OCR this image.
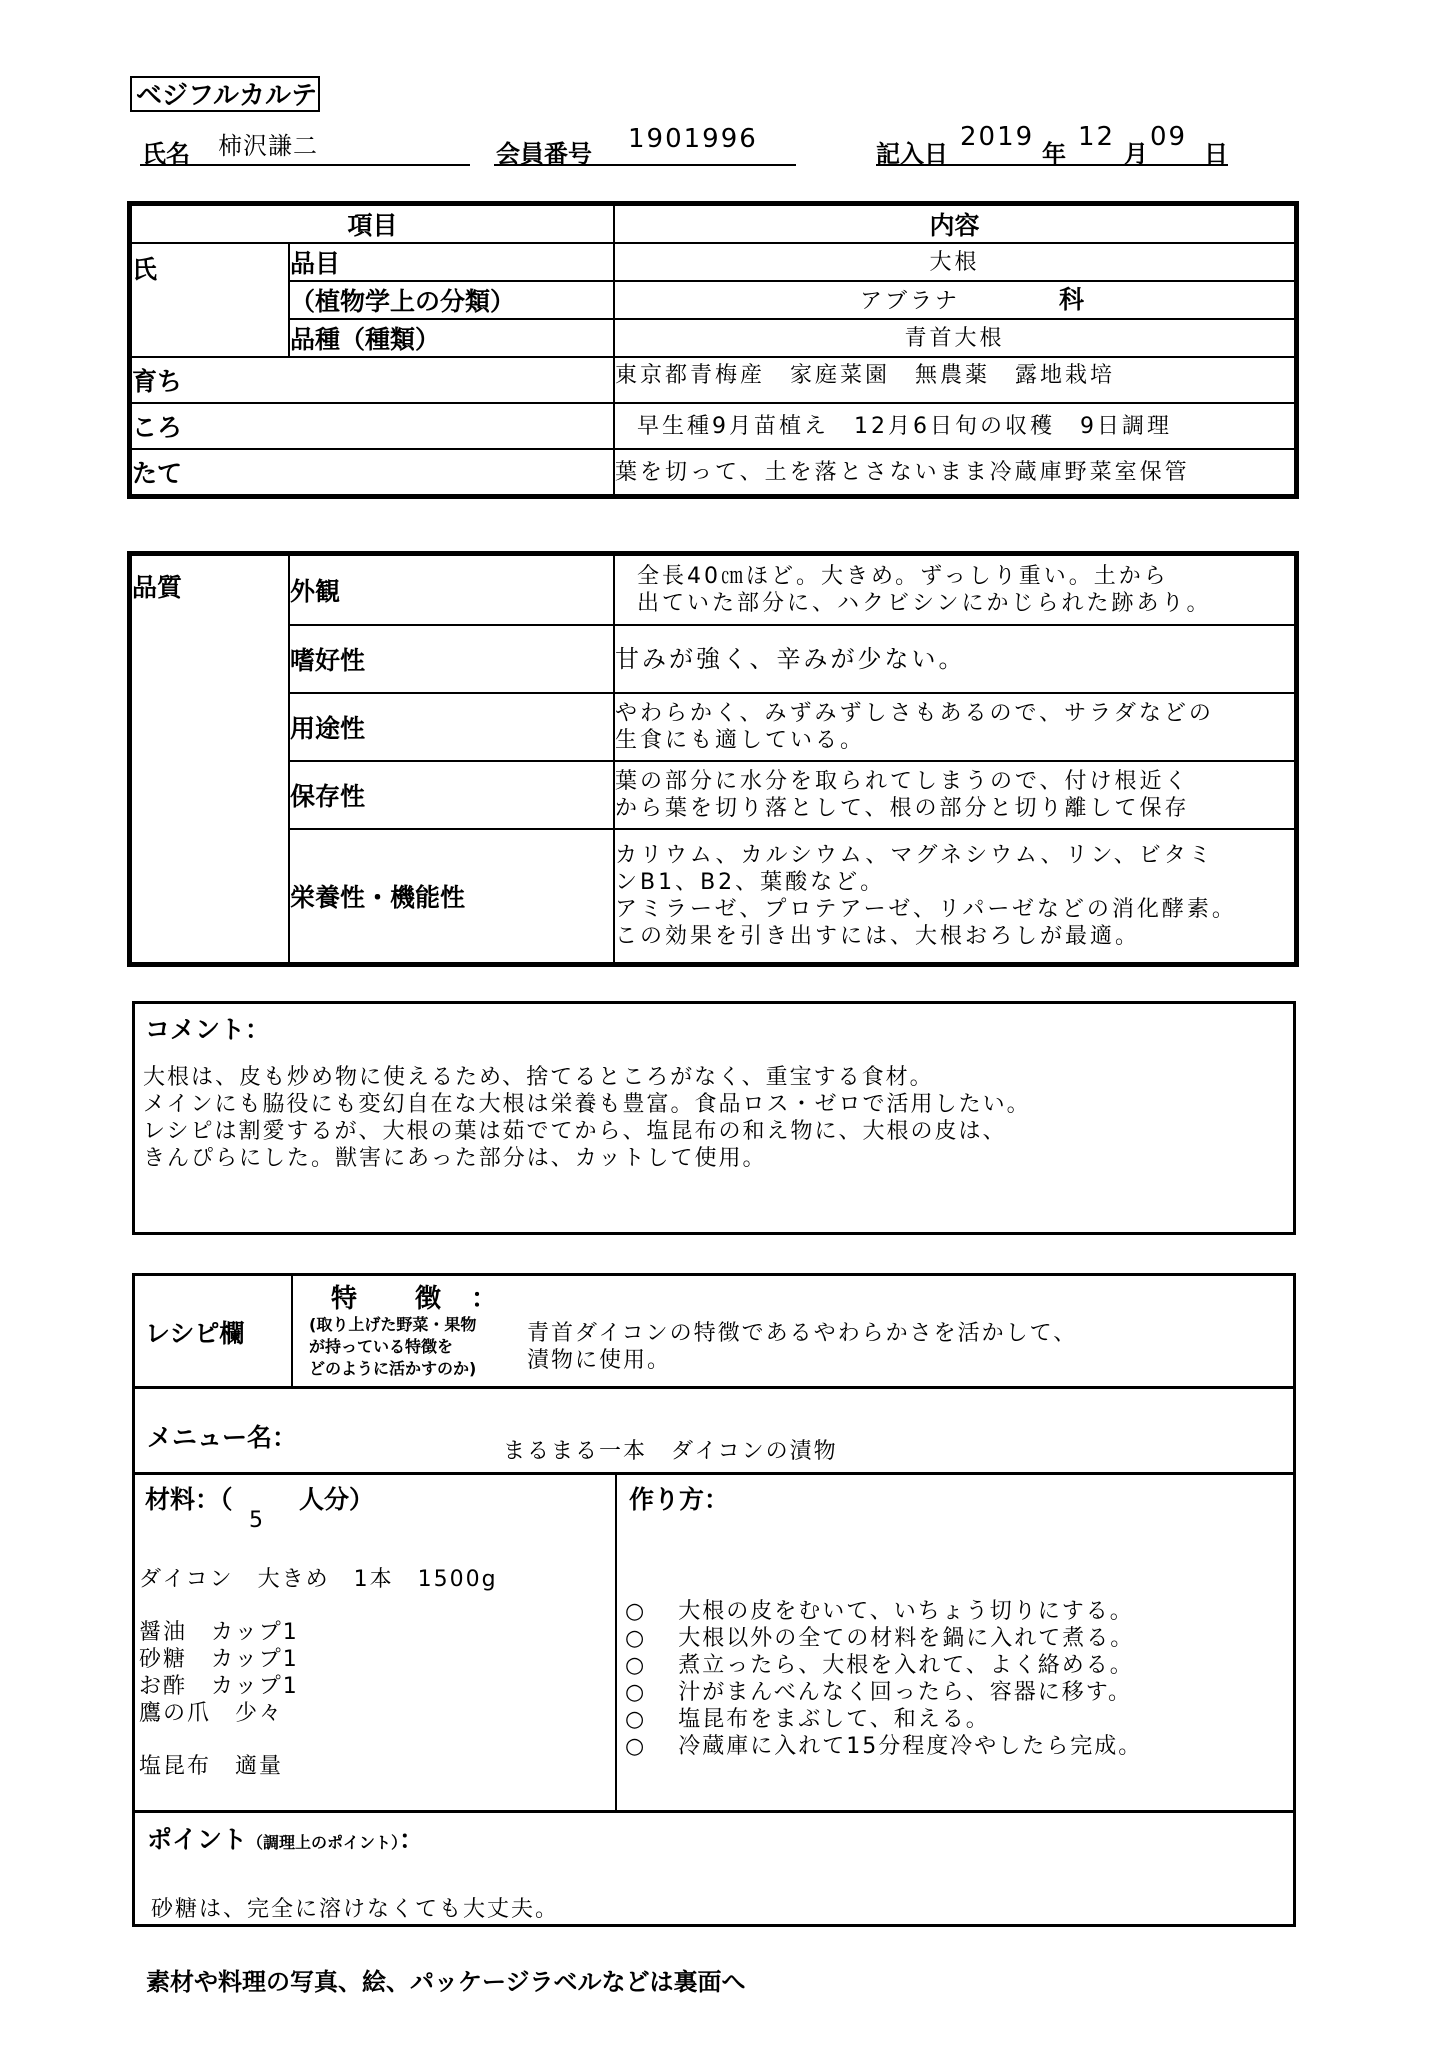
ベジフルカルテ
氏名 柿沢謙二	会員番号 1901996	記入日
2019
年
12
月
09
日
項目		内容
氏	品目	大根
	（植物学上の分類）	アブラナ 科

	品種（種類）	青首大根
育ち		東京都青梅産　家庭菜園　無農薬　露地栽培
ころ		早生種9月苗植え　12月6日旬の収穫　9日調理
たて		葉を切って、土を落とさないまま冷蔵庫野菜室保管
品質	外観	全長40㎝ほど。大きめ。ずっしり重い。土から
出ていた部分に、ハクビシンにかじられた跡あり。

	嗜好性	甘みが強く、辛みが少ない。

	用途性	やわらかく、みずみずしさもあるので、サラダなどの
生食にも適している。

	保存性	葉の部分に水分を取られてしまうので、付け根近く
から葉を切り落として、根の部分と切り離して保存

	栄養性・機能性	カリウム、カルシウム、マグネシウム、リン、ビタミ
ンB1、B2、葉酸など。
アミラーゼ、プロテアーゼ、リパーゼなどの消化酵素。
この効果を引き出すには、大根おろしが最適。
コメント：
大根は、皮も炒め物に使えるため、捨てるところがなく、重宝する食材。
メインにも脇役にも変幻自在な大根は栄養も豊富。食品ロス・ゼロで活用したい。
レシピは割愛するが、大根の葉は茹でてから、塩昆布の和え物に、大根の皮は、
きんぴらにした。獣害にあった部分は、カットして使用。
レシピ欄
特　　徴　：
(取り上げた野菜・果物
が持っている特徴を
どのように活かすのか)
青首ダイコンの特徴であるやわらかさを活かして、
漬物に使用。
メニュー名：	まるまる一本　ダイコンの漬物
材料：（	人分）
5
ダイコン　大きめ　1本　1500g
醤油　カップ1
砂糖　カップ1
お酢　カップ1
鷹の爪　少々
塩昆布　適量
作り方：
○ 大根の皮をむいて、いちょう切りにする。
○ 大根以外の全ての材料を鍋に入れて煮る。
○ 煮立ったら、大根を入れて、よく絡める。
○ 汁がまんべんなく回ったら、容器に移す。
○ 塩昆布をまぶして、和える。
○ 冷蔵庫に入れて15分程度冷やしたら完成。
ポイント（調理上のポイント）：
砂糖は、完全に溶けなくても大丈夫。
素材や料理の写真、絵、パッケージラベルなどは裏面へ
